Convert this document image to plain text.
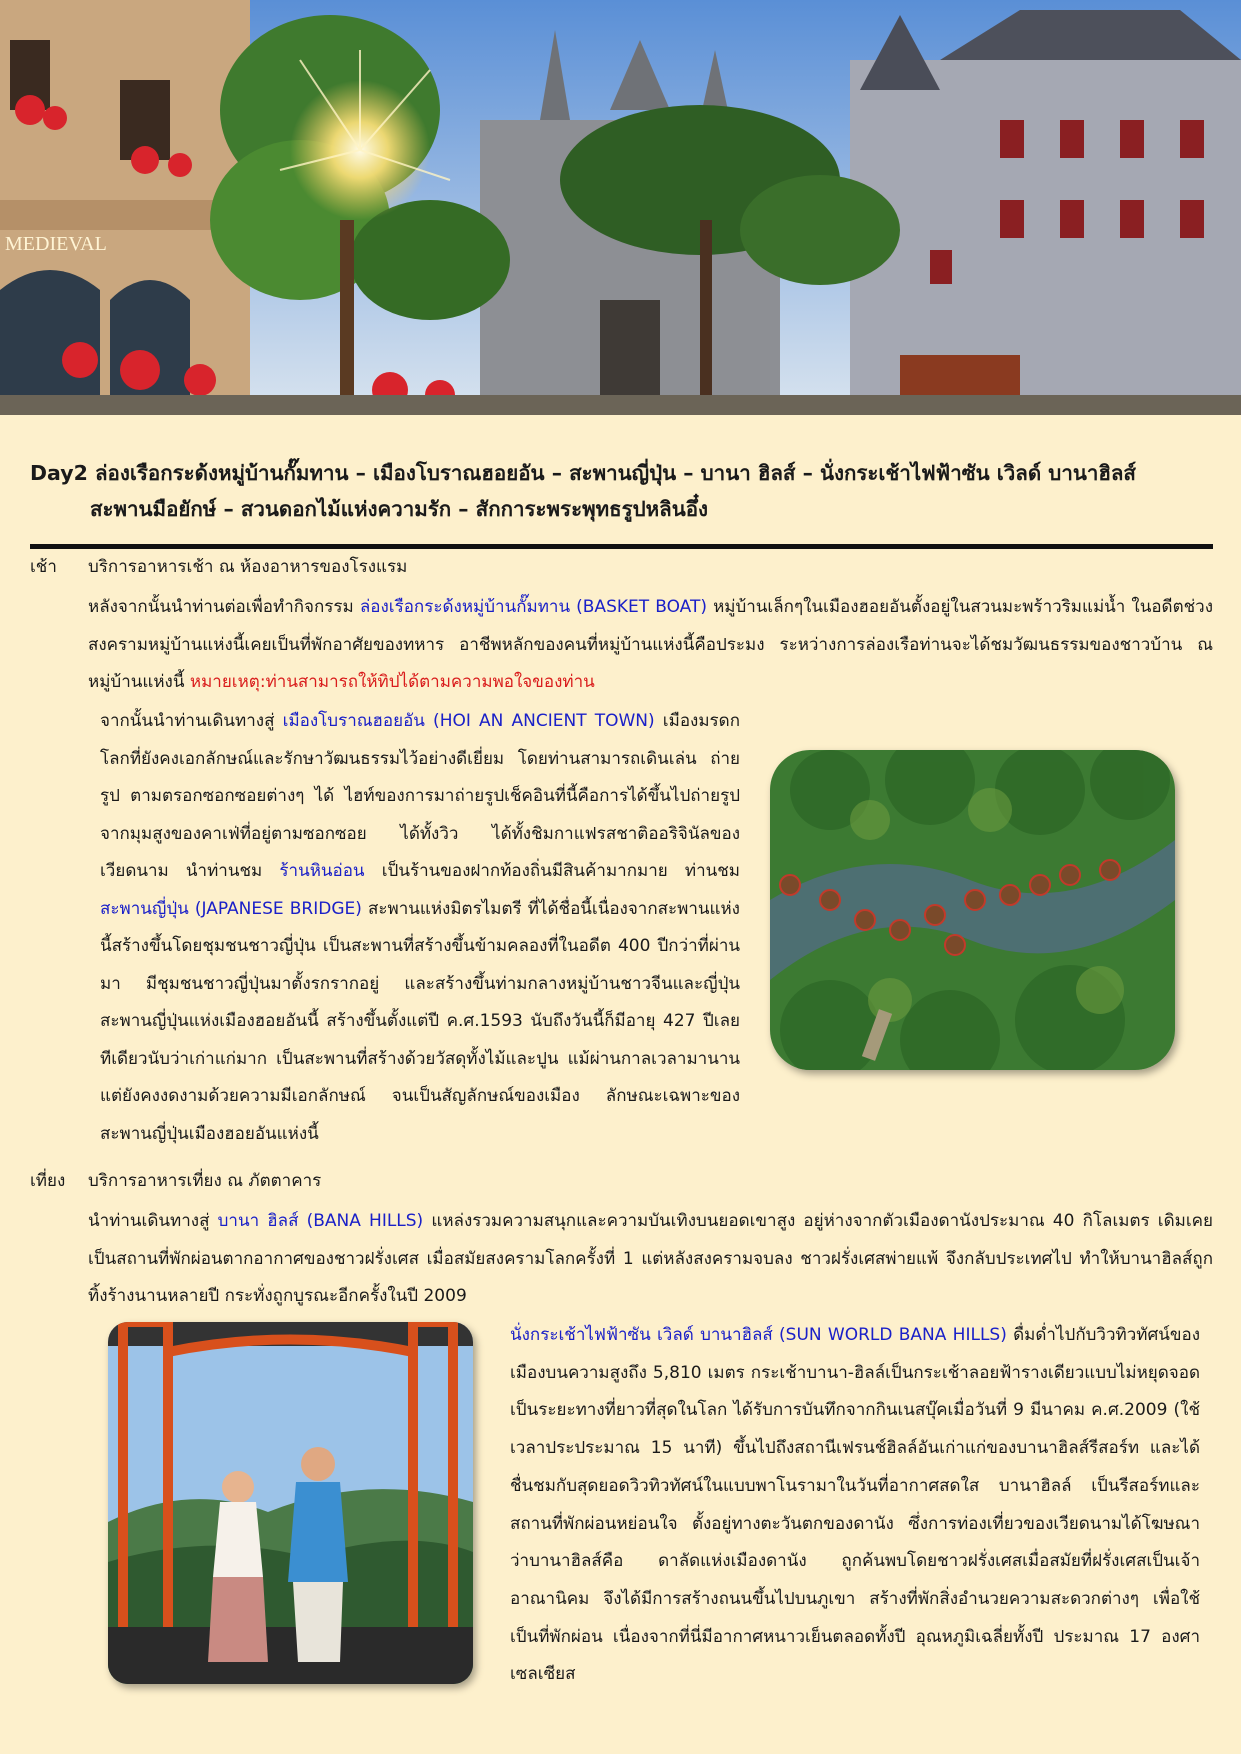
MEDIEVAL
Day2 ล่องเรือกระด้งหมู่บ้านกั๊มทาน – เมืองโบราณฮอยอัน – สะพานญี่ปุ่น – บานา ฮิลส์ – นั่งกระเช้าไฟฟ้าซัน เวิลด์ บานาฮิลส์
สะพานมือยักษ์ – สวนดอกไม้แห่งความรัก – สักการะพระพุทธรูปหลินอึ๋ง
เช้า บริการอาหารเช้า ณ ห้องอาหารของโรงแรม
หลังจากนั้นนำท่านต่อเพื่อทำกิจกรรม ล่องเรือกระด้งหมู่บ้านกั๊มทาน (BASKET BOAT) หมู่บ้านเล็กๆในเมืองฮอยอันตั้งอยู่ในสวนมะพร้าวริมแม่น้ำ ในอดีตช่วงสงครามหมู่บ้านแห่งนี้เคยเป็นที่พักอาศัยของทหาร อาชีพหลักของคนที่หมู่บ้านแห่งนี้คือประมง ระหว่างการล่องเรือท่านจะได้ชมวัฒนธรรมของชาวบ้าน ณ หมู่บ้านแห่งนี้ หมายเหตุ:ท่านสามารถให้ทิปได้ตามความพอใจของท่าน
จากนั้นนำท่านเดินทางสู่ เมืองโบราณฮอยอัน (HOI AN ANCIENT TOWN) เมืองมรดกโลกที่ยังคงเอกลักษณ์และรักษาวัฒนธรรมไว้อย่างดีเยี่ยม โดยท่านสามารถเดินเล่น ถ่ายรูป ตามตรอกซอกซอยต่างๆ ได้ ไฮท์ของการมาถ่ายรูปเช็คอินที่นี้คือการได้ขึ้นไปถ่ายรูปจากมุมสูงของคาเฟ่ที่อยู่ตามซอกซอย ได้ทั้งวิว ได้ทั้งชิมกาแฟรสชาติออริจินัลของเวียดนาม นำท่านชม ร้านหินอ่อน เป็นร้านของฝากท้องถิ่นมีสินค้ามากมาย ท่านชม สะพานญี่ปุ่น (JAPANESE BRIDGE) สะพานแห่งมิตรไมตรี ที่ได้ชื่อนี้เนื่องจากสะพานแห่งนี้สร้างขึ้นโดยชุมชนชาวญี่ปุ่น เป็นสะพานที่สร้างขึ้นข้ามคลองที่ในอดีต 400 ปีกว่าที่ผ่านมา มีชุมชนชาวญี่ปุ่นมาตั้งรกรากอยู่ และสร้างขึ้นท่ามกลางหมู่บ้านชาวจีนและญี่ปุ่น สะพานญี่ปุ่นแห่งเมืองฮอยอันนี้ สร้างขึ้นตั้งแต่ปี ค.ศ.1593 นับถึงวันนี้ก็มีอายุ 427 ปีเลยทีเดียวนับว่าเก่าแก่มาก เป็นสะพานที่สร้างด้วยวัสดุทั้งไม้และปูน แม้ผ่านกาลเวลามานานแต่ยังคงงดงามด้วยความมีเอกลักษณ์ จนเป็นสัญลักษณ์ของเมือง ลักษณะเฉพาะของสะพานญี่ปุ่นเมืองฮอยอันแห่งนี้
เที่ยง บริการอาหารเที่ยง ณ ภัตตาคาร
นำท่านเดินทางสู่ บานา ฮิลส์ (BANA HILLS) แหล่งรวมความสนุกและความบันเทิงบนยอดเขาสูง อยู่ห่างจากตัวเมืองดานังประมาณ 40 กิโลเมตร เดิมเคยเป็นสถานที่พักผ่อนตากอากาศของชาวฝรั่งเศส เมื่อสมัยสงครามโลกครั้งที่ 1 แต่หลังสงครามจบลง ชาวฝรั่งเศสพ่ายแพ้ จึงกลับประเทศไป ทำให้บานาฮิลส์ถูกทิ้งร้างนานหลายปี กระทั่งถูกบูรณะอีกครั้งในปี 2009
นั่งกระเช้าไฟฟ้าซัน เวิลด์ บานาฮิลส์ (SUN WORLD BANA HILLS) ดื่มด่ำไปกับวิวทิวทัศน์ของเมืองบนความสูงถึง 5,810 เมตร กระเช้าบานา-ฮิลล์เป็นกระเช้าลอยฟ้ารางเดียวแบบไม่หยุดจอดเป็นระยะทางที่ยาวที่สุดในโลก ได้รับการบันทึกจากกินเนสบุ๊คเมื่อวันที่ 9 มีนาคม ค.ศ.2009 (ใช้เวลาประประมาณ 15 นาที) ขึ้นไปถึงสถานีเฟรนช์ฮิลล์อันเก่าแก่ของบานาฮิลส์รีสอร์ท และได้ชื่นชมกับสุดยอดวิวทิวทัศน์ในแบบพาโนรามาในวันที่อากาศสดใส บานาฮิลล์ เป็นรีสอร์ทและสถานที่พักผ่อนหย่อนใจ ตั้งอยู่ทางตะวันตกของดานัง ซึ่งการท่องเที่ยวของเวียดนามได้โฆษณาว่าบานาฮิลส์คือ ดาลัดแห่งเมืองดานัง ถูกค้นพบโดยชาวฝรั่งเศสเมื่อสมัยที่ฝรั่งเศสเป็นเจ้าอาณานิคม จึงได้มีการสร้างถนนขึ้นไปบนภูเขา สร้างที่พักสิ่งอำนวยความสะดวกต่างๆ เพื่อใช้เป็นที่พักผ่อน เนื่องจากที่นี่มีอากาศหนาวเย็นตลอดทั้งปี อุณหภูมิเฉลี่ยทั้งปี ประมาณ 17 องศาเซลเซียส
